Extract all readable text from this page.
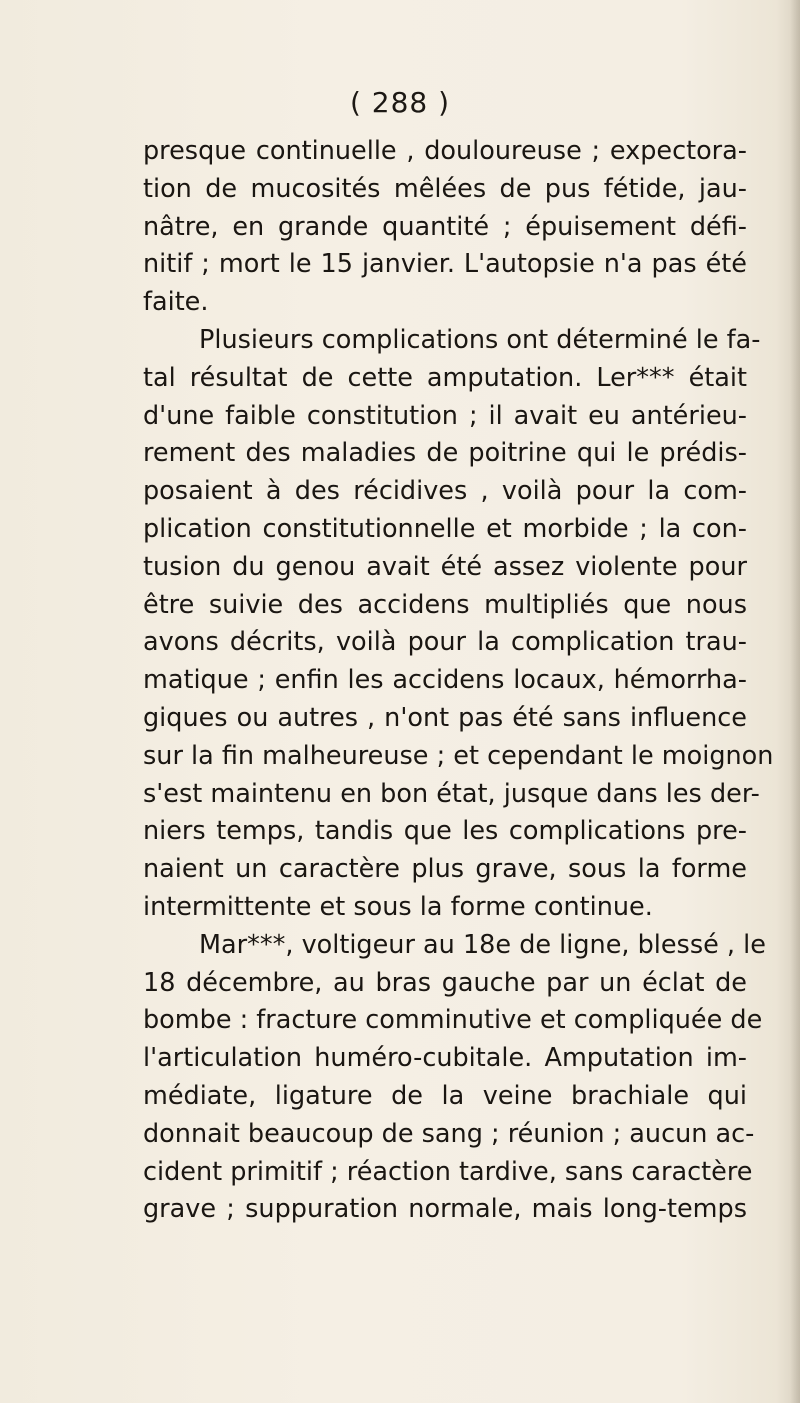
( 288 )
presque continuelle , douloureuse ; expectora-
tion de mucosités mêlées de pus fétide, jau-
nâtre, en grande quantité ; épuisement défi-
nitif ; mort le 15 janvier. L'autopsie n'a pas été
faite.
Plusieurs complications ont déterminé le fa-
tal résultat de cette amputation. Ler*** était
d'une faible constitution ; il avait eu antérieu-
rement des maladies de poitrine qui le prédis-
posaient à des récidives , voilà pour la com-
plication constitutionnelle et morbide ; la con-
tusion du genou avait été assez violente pour
être suivie des accidens multipliés que nous
avons décrits, voilà pour la complication trau-
matique ; enfin les accidens locaux, hémorrha-
giques ou autres , n'ont pas été sans influence
sur la fin malheureuse ; et cependant le moignon
s'est maintenu en bon état, jusque dans les der-
niers temps, tandis que les complications pre-
naient un caractère plus grave, sous la forme
intermittente et sous la forme continue.
Mar***, voltigeur au 18e de ligne, blessé , le
18 décembre, au bras gauche par un éclat de
bombe : fracture comminutive et compliquée de
l'articulation huméro-cubitale. Amputation im-
médiate, ligature de la veine brachiale qui
donnait beaucoup de sang ; réunion ; aucun ac-
cident primitif ; réaction tardive, sans caractère
grave ; suppuration normale, mais long-temps
